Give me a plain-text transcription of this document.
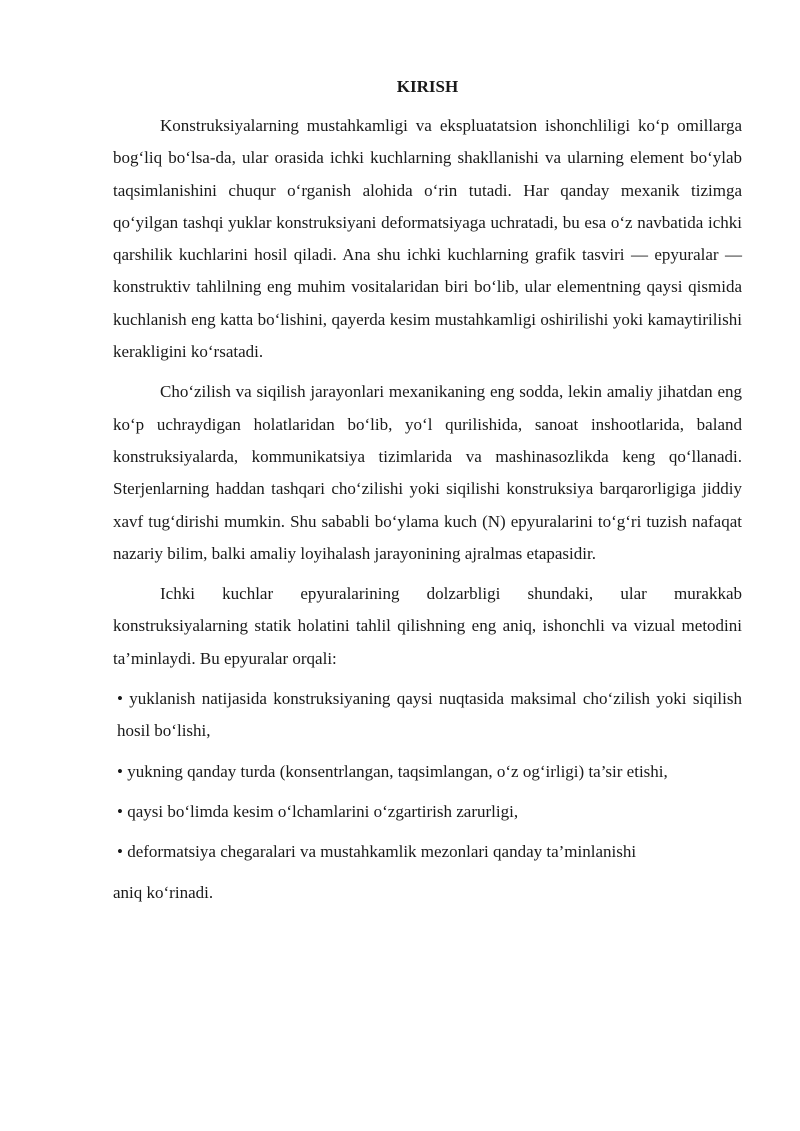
KIRISH

Konstruksiyalarning mustahkamligi va ekspluatatsion ishonchliligi ko‘p omillarga bog‘liq bo‘lsa-da, ular orasida ichki kuchlarning shakllanishi va ularning element bo‘ylab taqsimlanishini chuqur o‘rganish alohida o‘rin tutadi. Har qanday mexanik tizimga qo‘yilgan tashqi yuklar konstruksiyani deformatsiyaga uchratadi, bu esa o‘z navbatida ichki qarshilik kuchlarini hosil qiladi. Ana shu ichki kuchlarning grafik tasviri — epyuralar — konstruktiv tahlilning eng muhim vositalaridan biri bo‘lib, ular elementning qaysi qismida kuchlanish eng katta bo‘lishini, qayerda kesim mustahkamligi oshirilishi yoki kamaytirilishi kerakligini ko‘rsatadi.

Cho‘zilish va siqilish jarayonlari mexanikaning eng sodda, lekin amaliy jihatdan eng ko‘p uchraydigan holatlaridan bo‘lib, yo‘l qurilishida, sanoat inshootlarida, baland konstruksiyalarda, kommunikatsiya tizimlarida va mashinasozlikda keng qo‘llanadi. Sterjenlarning haddan tashqari cho‘zilishi yoki siqilishi konstruksiya barqarorligiga jiddiy xavf tug‘dirishi mumkin. Shu sababli bo‘ylama kuch (N) epyuralarini to‘g‘ri tuzish nafaqat nazariy bilim, balki amaliy loyihalash jarayonining ajralmas etapasidir.

Ichki kuchlar epyuralarining dolzarbligi shundaki, ular murakkab konstruksiyalarning statik holatini tahlil qilishning eng aniq, ishonchli va vizual metodini ta’minlaydi. Bu epyuralar orqali:

• yuklanish natijasida konstruksiyaning qaysi nuqtasida maksimal cho‘zilish yoki siqilish hosil bo‘lishi,

• yukning qanday turda (konsentrlangan, taqsimlangan, o‘z og‘irligi) ta’sir etishi,

• qaysi bo‘limda kesim o‘lchamlarini o‘zgartirish zarurligi,

• deformatsiya chegaralari va mustahkamlik mezonlari qanday ta’minlanishi

aniq ko‘rinadi.
